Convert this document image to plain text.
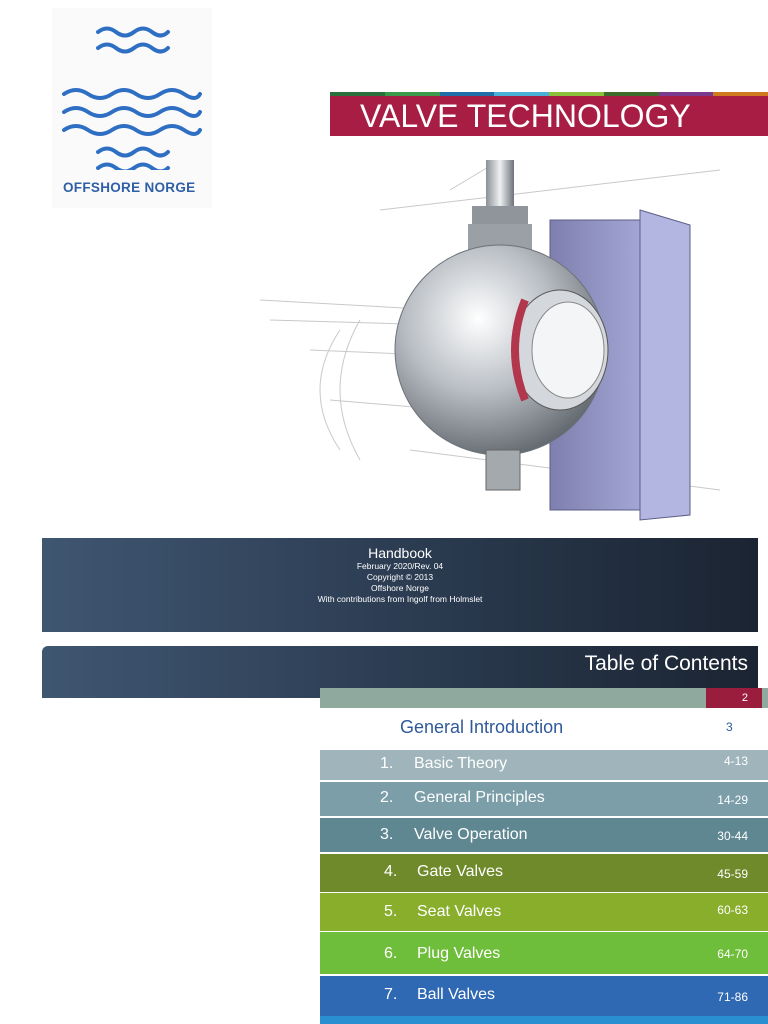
OFFSHORE NORGE
VALVE TECHNOLOGY
Handbook
February 2020/Rev. 04
Copyright © 2013
Offshore Norge
With contributions from Ingolf from Holmslet
Table of Contents
2
General Introduction	3
1. Basic Theory	4-13
2. General Principles	14-29
3. Valve Operation	30-44
4. Gate Valves	45-59
5. Seat Valves	60-63
6. Plug Valves	64-70
7. Ball Valves	71-86
